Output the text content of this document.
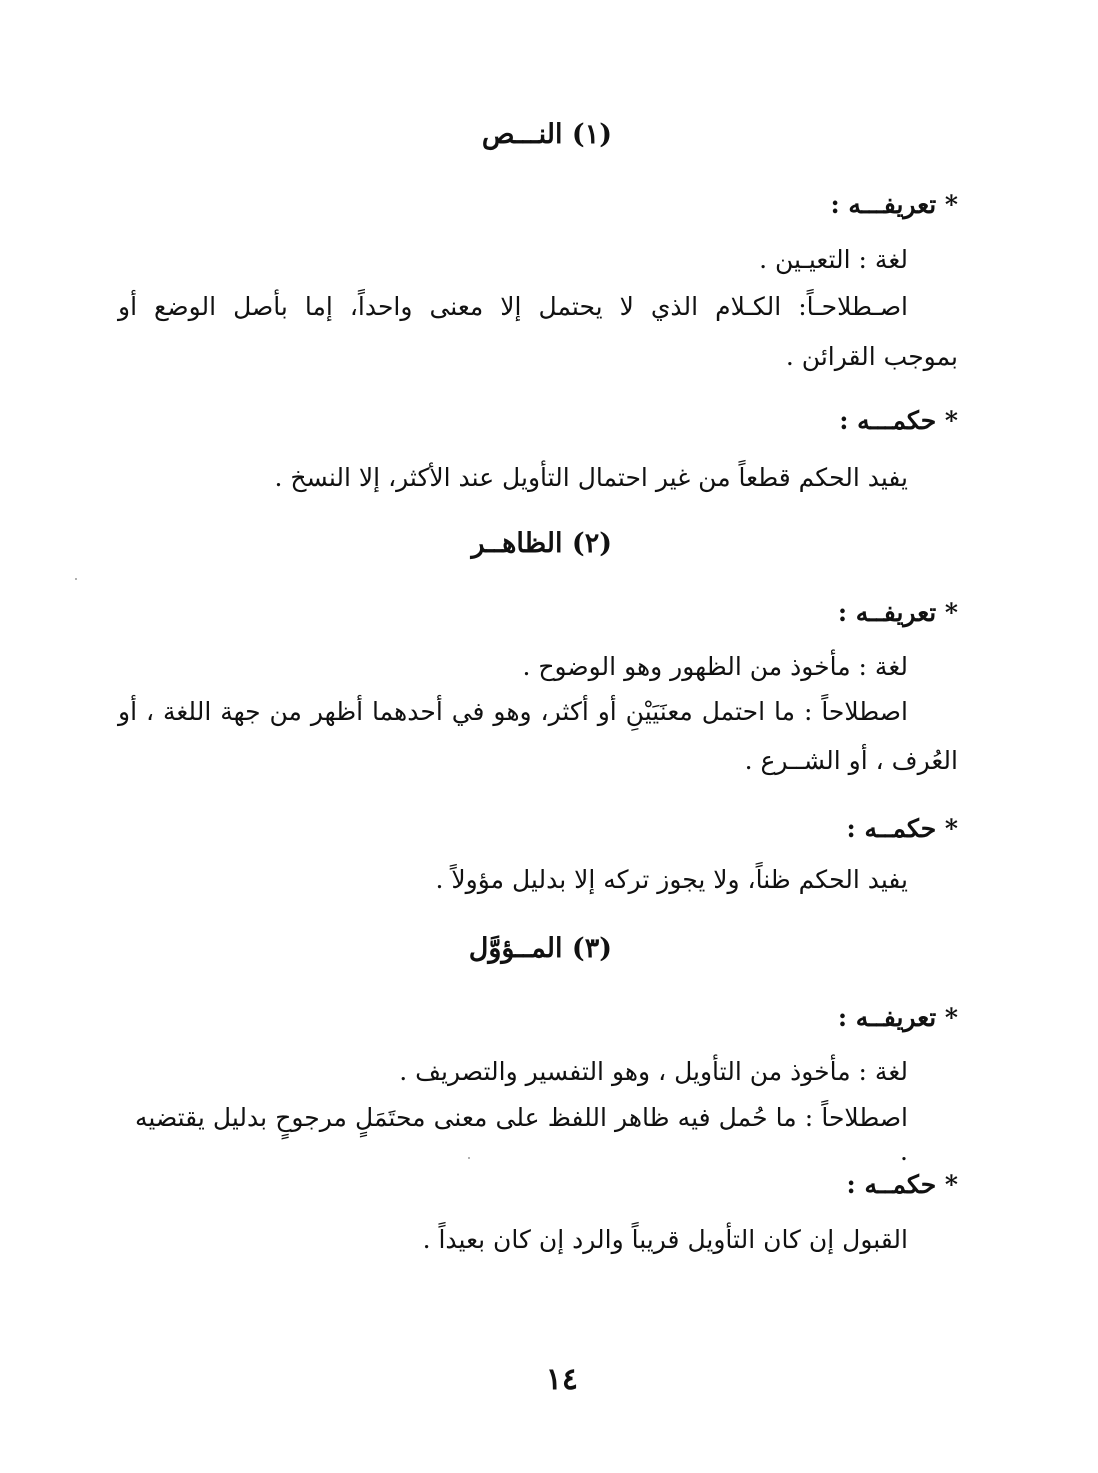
(١) النـــص
* تعريفـــه :
لغة : التعيـين .
اصـطلاحـاً: الكـلام الذي لا يحتمل إلا معنى واحداً، إما بأصل الوضع أو
بموجب القرائن .
* حكمـــه :
يفيد الحكم قطعاً من غير احتمال التأويل عند الأكثر، إلا النسخ .
(٢) الظاهــر
* تعريفــه :
لغة : مأخوذ من الظهور وهو الوضوح .
اصطلاحاً : ما احتمل معنَيَيْنِ أو أكثر، وهو في أحدهما أظهر من جهة اللغة ، أو
العُرف ، أو الشــرع .
* حكمــه :
يفيد الحكم ظناً، ولا يجوز تركه إلا بدليل مؤولاً .
(٣) المــؤوَّل
* تعريفــه :
لغة : مأخوذ من التأويل ، وهو التفسير والتصريف .
اصطلاحاً : ما حُمل فيه ظاهر اللفظ على معنى محتَمَلٍ مرجوحٍ بدليل يقتضيه .
* حكمــه :
القبول إن كان التأويل قريباً والرد إن كان بعيداً .
١٤
